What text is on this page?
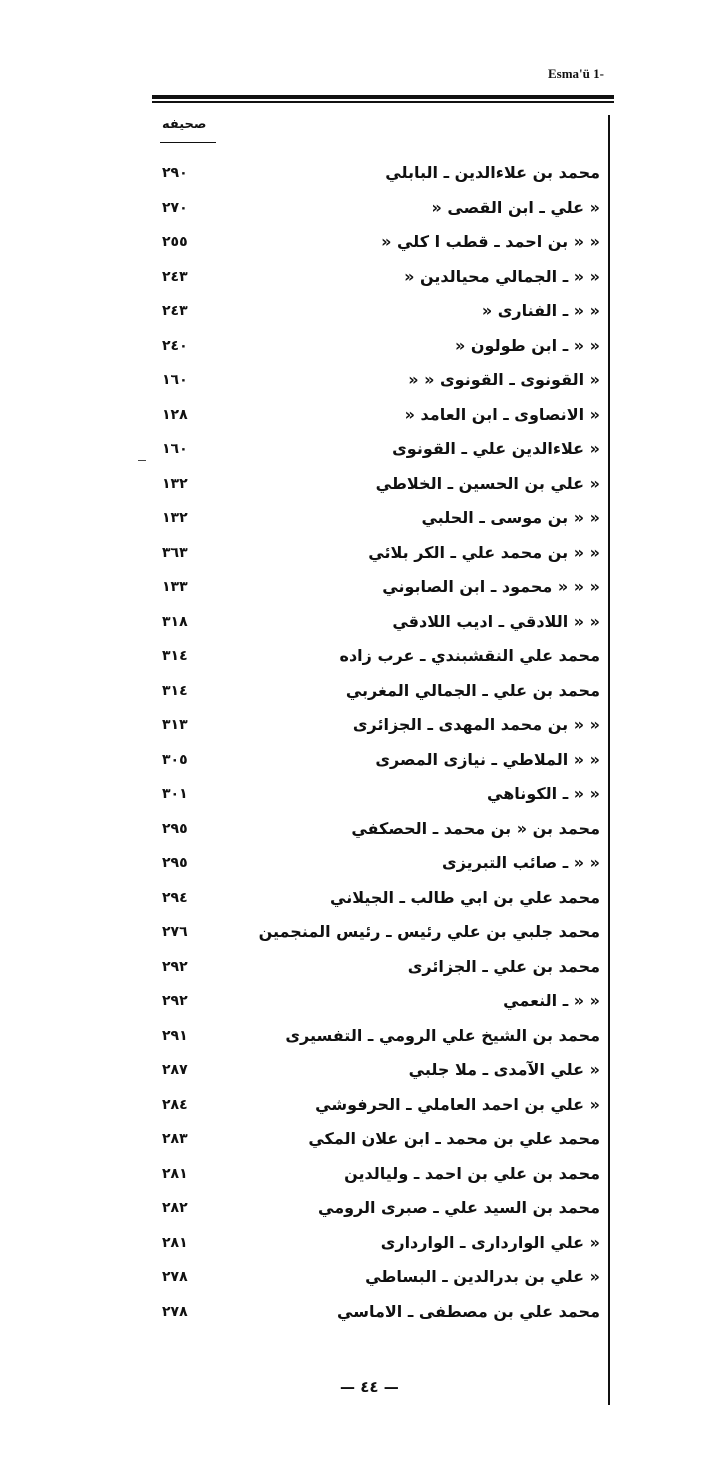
Esma'ü 1-
صحيفه
محمد بن علاءالدين ـ البابلي
٢٩٠
« علي ـ ابن القصى «
٢٧٠
« « بن احمد ـ قطب ا كلي «
٢٥٥
« « ـ الجمالي محيالدين «
٢٤٣
« « ـ الفنارى «
٢٤٣
« « ـ ابن طولون «
٢٤٠
« القونوى ـ القونوى « «
١٦٠
« الانصاوى ـ ابن العامد «
١٢٨
« علاءالدين علي ـ القونوى
١٦٠
« علي بن الحسين ـ الخلاطي
١٣٢
« « بن موسى ـ الحلبي
١٣٢
« « بن محمد علي ـ الكر بلائي
٣٦٣
« « « محمود ـ ابن الصابوني
١٣٣
« « اللادقي ـ اديب اللادقي
٣١٨
محمد علي النقشبندي ـ عرب زاده
٣١٤
محمد بن علي ـ الجمالي المغربي
٣١٤
« « بن محمد المهدى ـ الجزائرى
٣١٣
« « الملاطي ـ نيازى المصرى
٣٠٥
« « ـ الكوناهي
٣٠١
محمد بن « بن محمد ـ الحصكفي
٢٩٥
« « ـ صائب التبريزى
٢٩٥
محمد علي بن ابي طالب ـ الجيلاني
٢٩٤
محمد جلبي بن علي رئيس ـ رئيس المنجمين
٢٧٦
محمد بن علي ـ الجزائرى
٢٩٢
« « ـ النعمي
٢٩٢
محمد بن الشيخ علي الرومي ـ التفسيرى
٢٩١
« علي الآمدى ـ ملا جلبي
٢٨٧
« علي بن احمد العاملي ـ الحرفوشي
٢٨٤
محمد علي بن محمد ـ ابن علان المكي
٢٨٣
محمد بن علي بن احمد ـ وليالدين
٢٨١
محمد بن السيد علي ـ صبرى الرومي
٢٨٢
« علي الواردارى ـ الواردارى
٢٨١
« علي بن بدرالدين ـ البساطي
٢٧٨
محمد علي بن مصطفى ـ الاماسي
٢٧٨
— ٤٤ —
